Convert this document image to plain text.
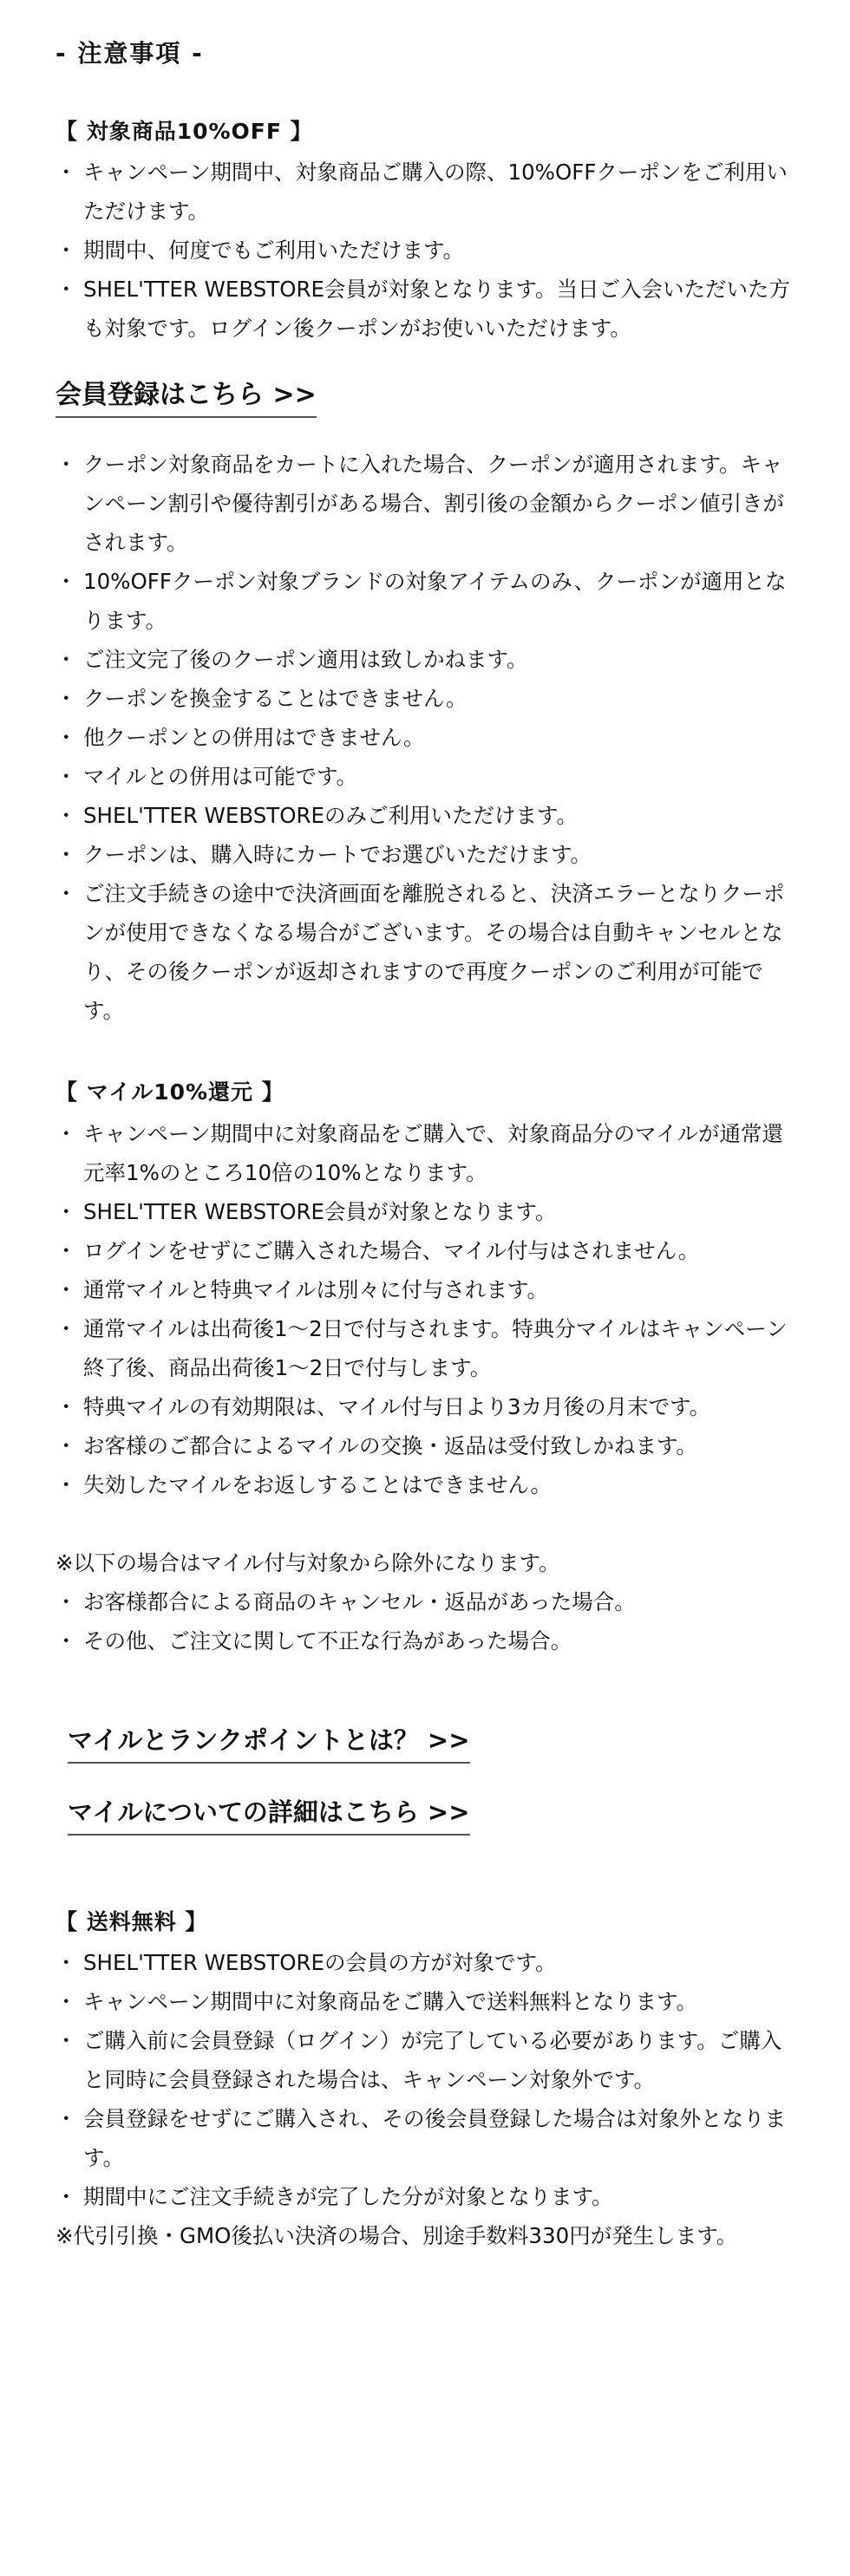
- 注意事項 -
【 対象商品10%OFF 】
・ キャンペーン期間中、対象商品ご購入の際、10%OFFクーポンをご利用いただけます。
・ 期間中、何度でもご利用いただけます。
・ SHEL'TTER WEBSTORE会員が対象となります。当日ご入会いただいた方も対象です。ログイン後クーポンがお使いいただけます。
会員登録はこちら >>
・ クーポン対象商品をカートに入れた場合、クーポンが適用されます。キャンペーン割引や優待割引がある場合、割引後の金額からクーポン値引きがされます。
・ 10%OFFクーポン対象ブランドの対象アイテムのみ、クーポンが適用となります。
・ ご注文完了後のクーポン適用は致しかねます。
・ クーポンを換金することはできません。
・ 他クーポンとの併用はできません。
・ マイルとの併用は可能です。
・ SHEL'TTER WEBSTOREのみご利用いただけます。
・ クーポンは、購入時にカートでお選びいただけます。
・ ご注文手続きの途中で決済画面を離脱されると、決済エラーとなりクーポンが使用できなくなる場合がございます。その場合は自動キャンセルとなり、その後クーポンが返却されますので再度クーポンのご利用が可能です。
【 マイル10%還元 】
・ キャンペーン期間中に対象商品をご購入で、対象商品分のマイルが通常還元率1%のところ10倍の10%となります。
・ SHEL'TTER WEBSTORE会員が対象となります。
・ ログインをせずにご購入された場合、マイル付与はされません。
・ 通常マイルと特典マイルは別々に付与されます。
・ 通常マイルは出荷後1〜2日で付与されます。特典分マイルはキャンペーン終了後、商品出荷後1〜2日で付与します。
・ 特典マイルの有効期限は、マイル付与日より3カ月後の月末です。
・ お客様のご都合によるマイルの交換・返品は受付致しかねます。
・ 失効したマイルをお返しすることはできません。

※以下の場合はマイル付与対象から除外になります。

・ お客様都合による商品のキャンセル・返品があった場合。
・ その他、ご注文に関して不正な行為があった場合。
マイルとランクポイントとは？ >>
マイルについての詳細はこちら >>
【 送料無料 】
・ SHEL'TTER WEBSTOREの会員の方が対象です。
・ キャンペーン期間中に対象商品をご購入で送料無料となります。
・ ご購入前に会員登録（ログイン）が完了している必要があります。ご購入と同時に会員登録された場合は、キャンペーン対象外です。
・ 会員登録をせずにご購入され、その後会員登録した場合は対象外となります。
・ 期間中にご注文手続きが完了した分が対象となります。

※代引引換・GMO後払い決済の場合、別途手数料330円が発生します。
